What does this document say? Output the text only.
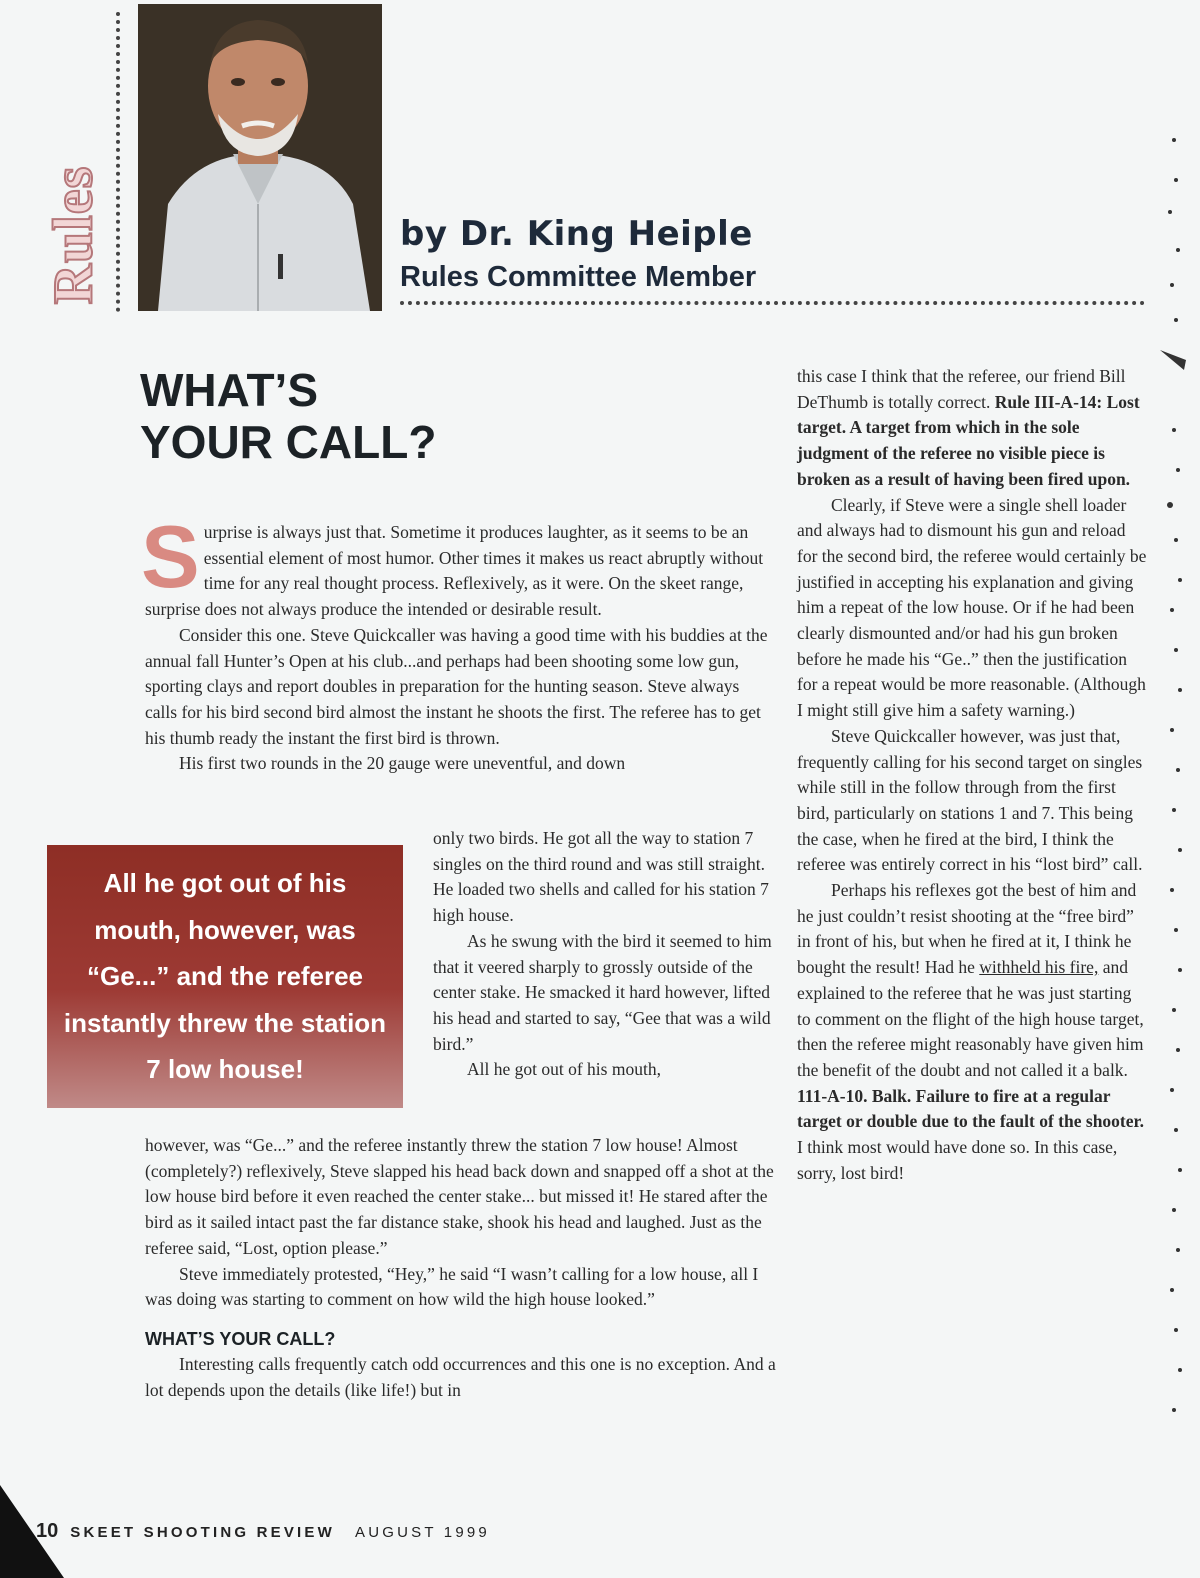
Rules	by Dr. King Heiple
Rules Committee Member
WHAT’S
YOUR CALL?

Surprise is always just that. Sometime it produces laughter, as it seems to be an essential element of most humor. Other times it makes us react abruptly without time for any real thought process. Reflexively, as it were. On the skeet range, surprise does not always produce the intended or desirable result.

Consider this one. Steve Quickcaller was having a good time with his buddies at the annual fall Hunter’s Open at his club...and perhaps had been shooting some low gun, sporting clays and report doubles in preparation for the hunting season. Steve always calls for his bird second bird almost the instant he shoots the first. The referee has to get his thumb ready the instant the first bird is thrown.

His first two rounds in the 20 gauge were uneventful, and down

only two birds. He got all the way to station 7 singles on the third round and was still straight. He loaded two shells and called for his station 7 high house.

As he swung with the bird it seemed to him that it veered sharply to grossly outside of the center stake. He smacked it hard however, lifted his head and started to say, “Gee that was a wild bird.”

All he got out of his mouth,

however, was “Ge...” and the referee instantly threw the station 7 low house! Almost (completely?) reflexively, Steve slapped his head back down and snapped off a shot at the low house bird before it even reached the center stake... but missed it! He stared after the bird as it sailed intact past the far distance stake, shook his head and laughed. Just as the referee said, “Lost, option please.”

Steve immediately protested, “Hey,” he said “I wasn’t calling for a low house, all I was doing was starting to comment on how wild the high house looked.”

WHAT’S YOUR CALL?

Interesting calls frequently catch odd occurrences and this one is no exception. And a lot depends upon the details (like life!) but in

All he got out of his mouth, however, was “Ge...” and the referee instantly threw the station 7 low house!

this case I think that the referee, our friend Bill DeThumb is totally correct. Rule III-A-14: Lost target. A target from which in the sole judgment of the referee no visible piece is broken as a result of having been fired upon.

Clearly, if Steve were a single shell loader and always had to dismount his gun and reload for the second bird, the referee would certainly be justified in accepting his explanation and giving him a repeat of the low house. Or if he had been clearly dismounted and/or had his gun broken before he made his “Ge..” then the justification for a repeat would be more reasonable. (Although I might still give him a safety warning.)

Steve Quickcaller however, was just that, frequently calling for his second target on singles while still in the follow through from the first bird, particularly on stations 1 and 7. This being the case, when he fired at the bird, I think the referee was entirely correct in his “lost bird” call.

Perhaps his reflexes got the best of him and he just couldn’t resist shooting at the “free bird” in front of his, but when he fired at it, I think he bought the result! Had he withheld his fire, and explained to the referee that he was just starting to comment on the flight of the high house target, then the referee might reasonably have given him the benefit of the doubt and not called it a balk. 111-A-10. Balk. Failure to fire at a regular target or double due to the fault of the shooter. I think most would have done so. In this case, sorry, lost bird!

10 SKEET SHOOTING REVIEW AUGUST 1999
